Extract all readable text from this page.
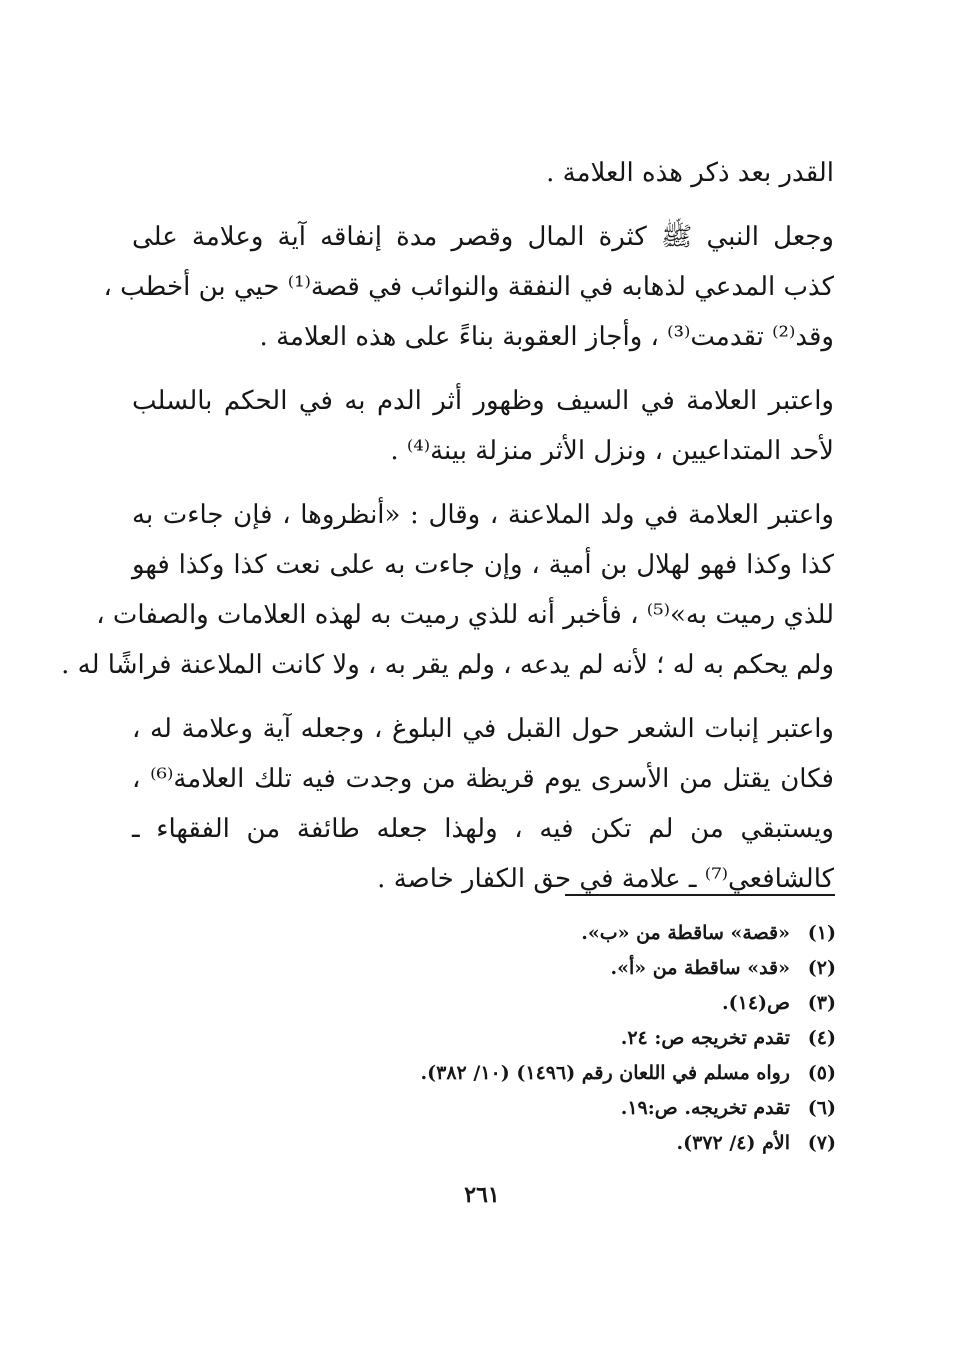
القدر بعد ذكر هذه العلامة .
وجعل النبي ﷺ كثرة المال وقصر مدة إنفاقه آية وعلامة على
كذب المدعي لذهابه في النفقة والنوائب في قصة⁽¹⁾ حيي بن أخطب ،
وقد⁽²⁾ تقدمت⁽³⁾ ، وأجاز العقوبة بناءً على هذه العلامة .
واعتبر العلامة في السيف وظهور أثر الدم به في الحكم بالسلب
لأحد المتداعيين ، ونزل الأثر منزلة بينة⁽⁴⁾ .
واعتبر العلامة في ولد الملاعنة ، وقال : «أنظروها ، فإن جاءت به
كذا وكذا فهو لهلال بن أمية ، وإن جاءت به على نعت كذا وكذا فهو
للذي رميت به»⁽⁵⁾ ، فأخبر أنه للذي رميت به لهذه العلامات والصفات ،
ولم يحكم به له ؛ لأنه لم يدعه ، ولم يقر به ، ولا كانت الملاعنة فراشًا له .
واعتبر إنبات الشعر حول القبل في البلوغ ، وجعله آية وعلامة له ،
فكان يقتل من الأسرى يوم قريظة من وجدت فيه تلك العلامة⁽⁶⁾ ،
ويستبقي من لم تكن فيه ، ولهذا جعله طائفة من الفقهاء ـ
كالشافعي⁽⁷⁾ ـ علامة في حق الكفار خاصة .
(١)
«قصة» ساقطة من «ب».
(٢)
«قد» ساقطة من «أ».
(٣)
ص(١٤).
(٤)
تقدم تخريجه ص: ٢٤.
(٥)
رواه مسلم في اللعان رقم (١٤٩٦) (١٠/ ٣٨٢).
(٦)
تقدم تخريجه. ص:١٩.
(٧)
الأم (٤/ ٣٧٢).
٢٦١
